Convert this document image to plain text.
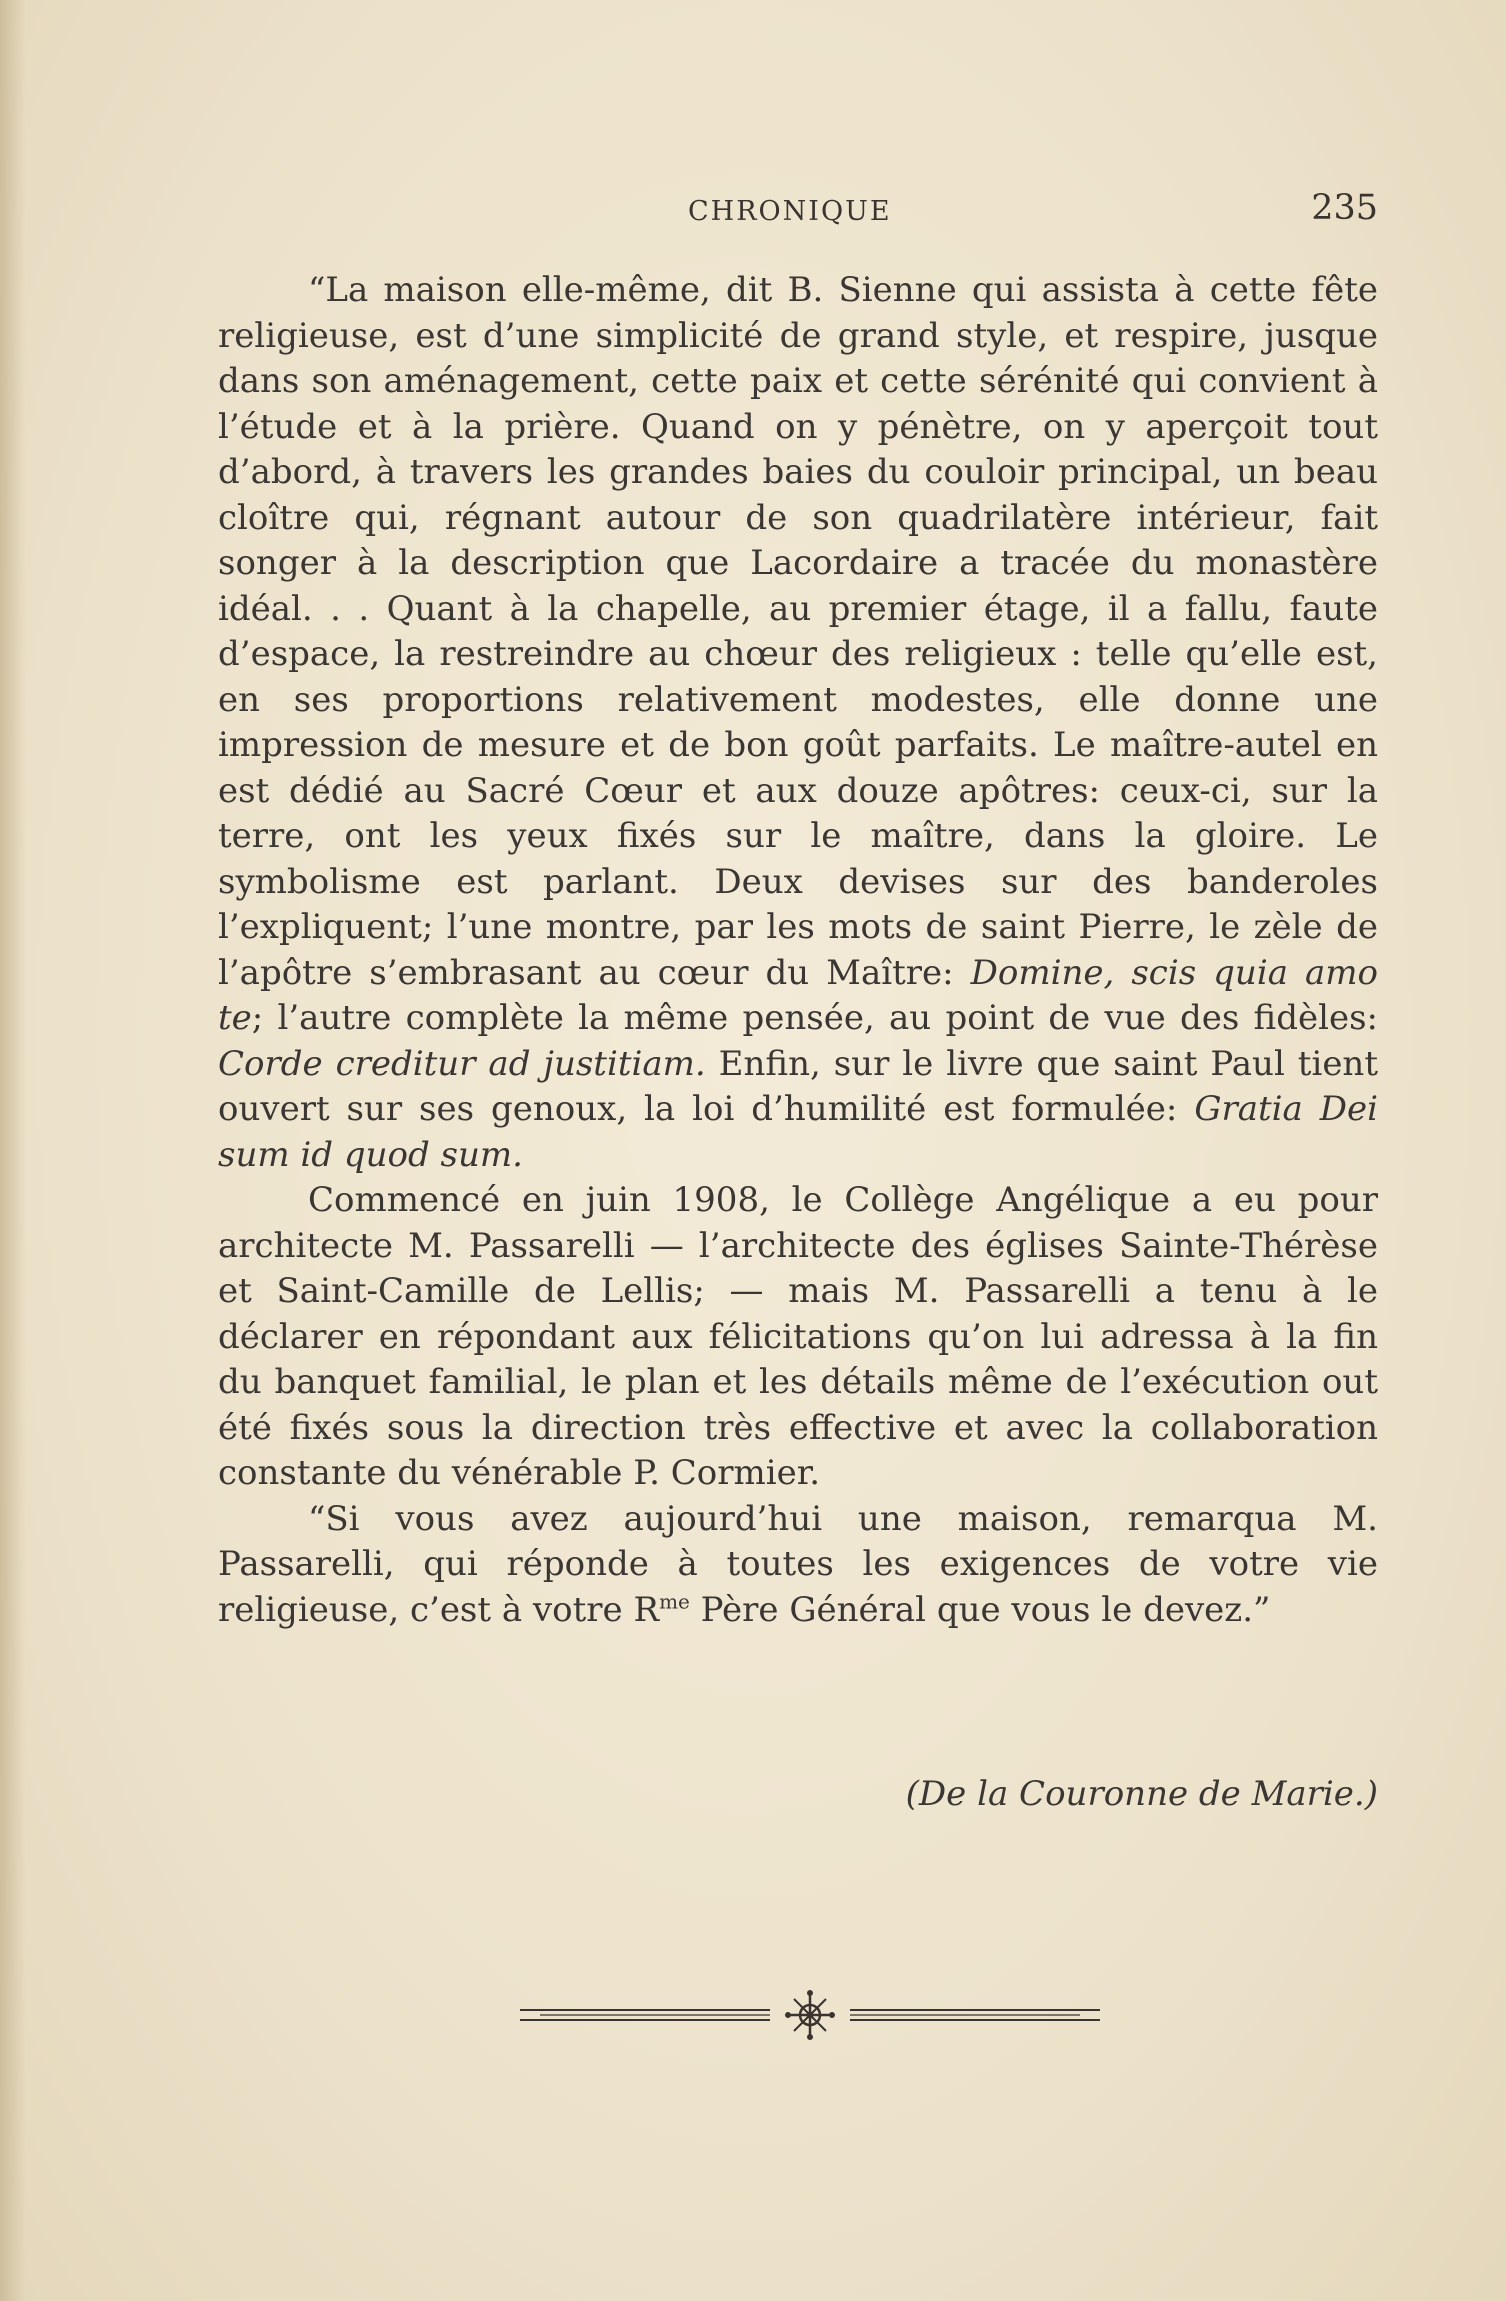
CHRONIQUE	235

“La maison elle-même, dit B. Sienne qui assista à cette fête religieuse, est d’une simplicité de grand style, et respire, jusque dans son aménagement, cette paix et cette sérénité qui convient à l’étude et à la prière. Quand on y pénètre, on y aperçoit tout d’abord, à travers les grandes baies du couloir principal, un beau cloître qui, régnant autour de son quadrilatère intérieur, fait songer à la description que Lacordaire a tracée du monastère idéal. . . Quant à la chapelle, au premier étage, il a fallu, faute d’espace, la restreindre au chœur des religieux : telle qu’elle est, en ses proportions relativement modestes, elle donne une impression de mesure et de bon goût parfaits. Le maître-autel en est dédié au Sacré Cœur et aux douze apôtres: ceux-ci, sur la terre, ont les yeux fixés sur le maître, dans la gloire. Le symbolisme est parlant. Deux devises sur des banderoles l’expliquent; l’une montre, par les mots de saint Pierre, le zèle de l’apôtre s’embrasant au cœur du Maître: Domine, scis quia amo te; l’autre complète la même pensée, au point de vue des fidèles: Corde creditur ad justitiam. Enfin, sur le livre que saint Paul tient ouvert sur ses genoux, la loi d’humilité est formulée: Gratia Dei sum id quod sum.

Commencé en juin 1908, le Collège Angélique a eu pour architecte M. Passarelli — l’architecte des églises Sainte-Thérèse et Saint-Camille de Lellis; — mais M. Passarelli a tenu à le déclarer en répondant aux félicitations qu’on lui adressa à la fin du banquet familial, le plan et les détails même de l’exécution out été fixés sous la direction très effective et avec la collaboration constante du vénérable P. Cormier.

“Si vous avez aujourd’hui une maison, remarqua M. Passarelli, qui réponde à toutes les exigences de votre vie religieuse, c’est à votre $R^{me}$ Père Général que vous le devez.”

(De la Couronne de Marie.)
